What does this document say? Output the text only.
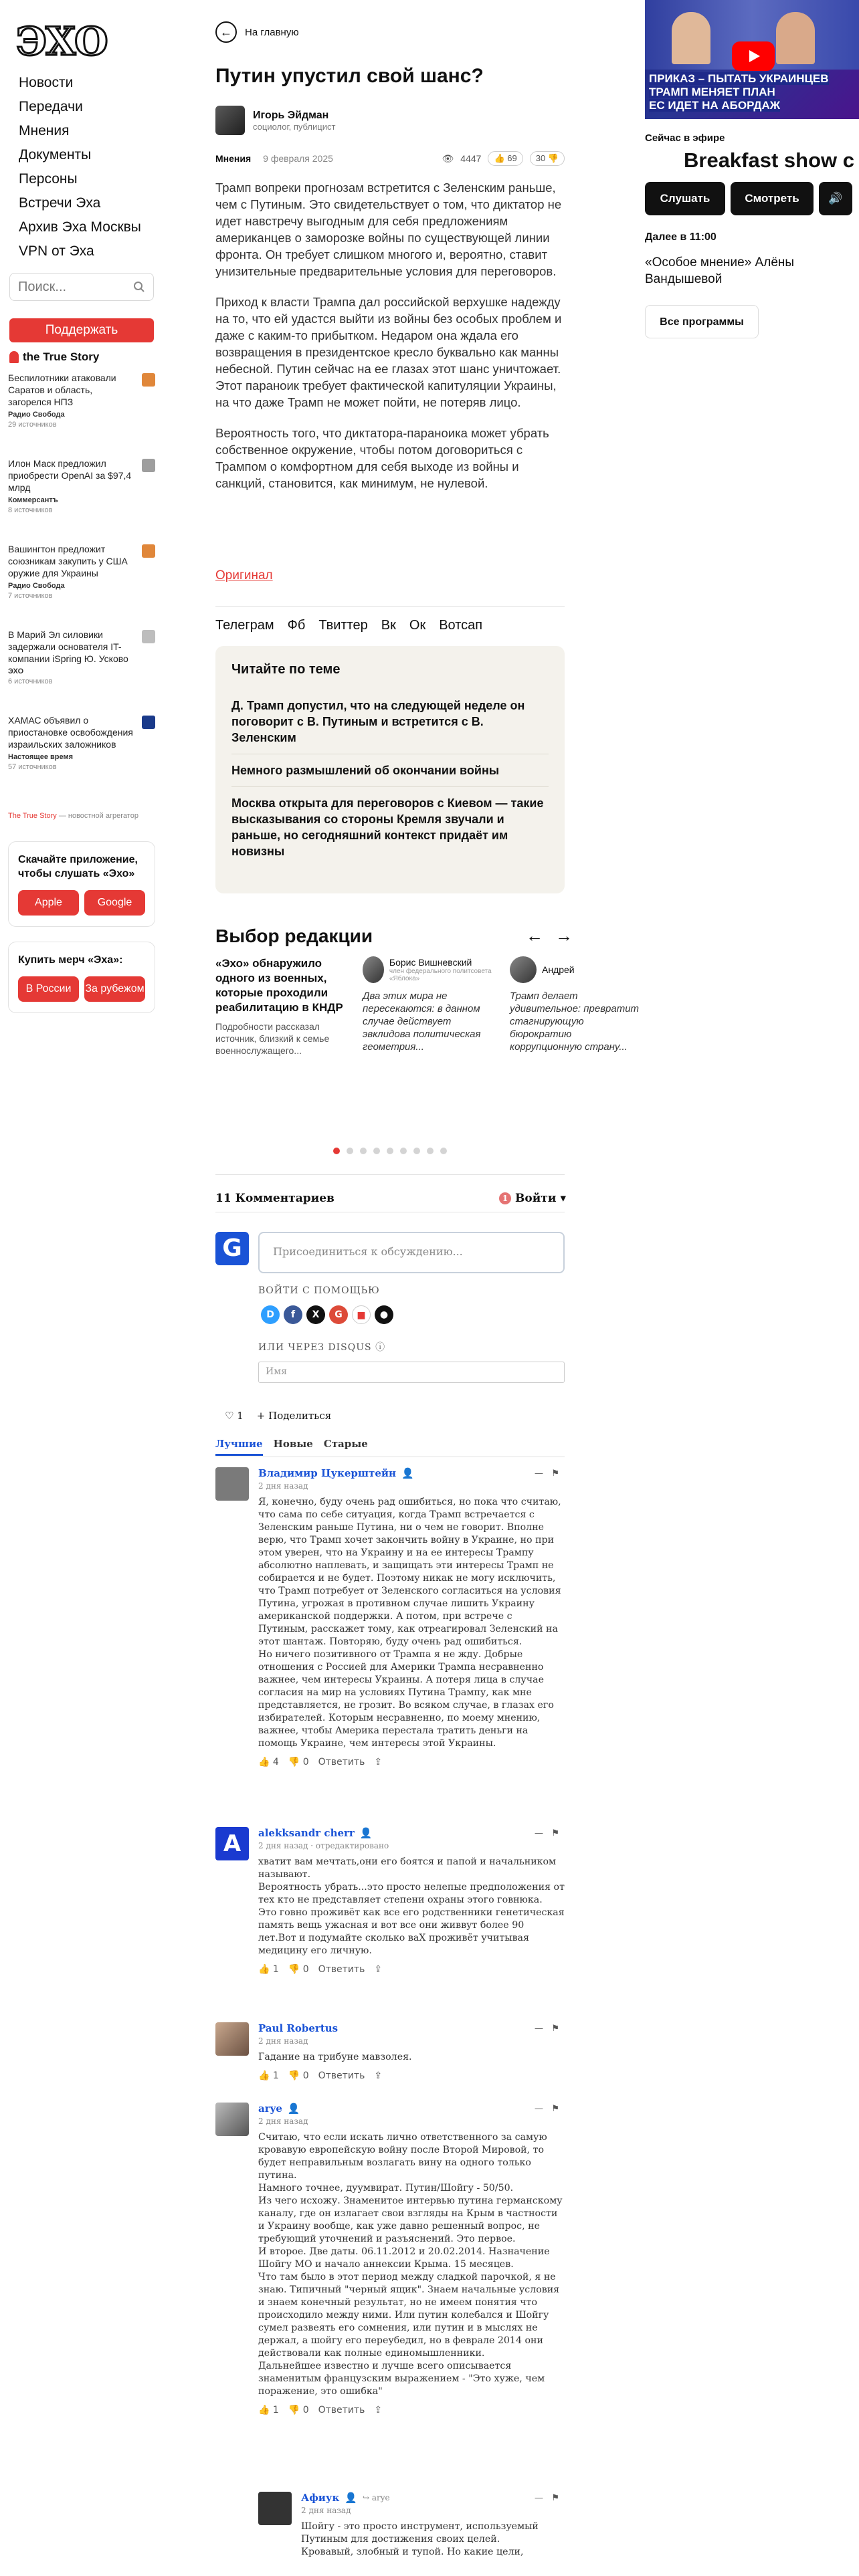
ЭХО
Новости
Передачи
Мнения
Документы
Персоны
Встречи Эха
Архив Эха Москвы
VPN от Эха
Поиск...
Поддержать
the True Story
Беспилотники атаковали Саратов и область, загорелся НПЗ
Радио Свобода
29 источников
Илон Маск предложил приобрести OpenAI за $97,4 млрд
Коммерсантъ
8 источников
Вашингтон предложит союзникам закупить у США оружие для Украины
Радио Свобода
7 источников
В Марий Эл силовики задержали основателя IT-компании iSpring Ю. Усково
ЭХО
6 источников
ХАМАС объявил о приостановке освобождения израильских заложников
Настоящее время
57 источников
The True Story — новостной агрегатор
Скачайте приложение, чтобы слушать «Эхо»
Apple	Google
Купить мерч «Эха»:
В России	За рубежом
←	На главную
Путин упустил свой шанс?
Игорь Эйдман
социолог, публицист
Мнения 9 февраля 2025	👁 4447	👍 69	30 👎

Трамп вопреки прогнозам встретится с Зеленским раньше, чем с Путиным. Это свидетельствует о том, что диктатор не идет навстречу выгодным для себя предложениям американцев о заморозке войны по существующей линии фронта. Он требует слишком многого и, вероятно, ставит унизительные предварительные условия для переговоров.

Приход к власти Трампа дал российской верхушке надежду на то, что ей удастся выйти из войны без особых проблем и даже с каким-то прибытком. Недаром она ждала его возвращения в президентское кресло буквально как манны небесной. Путин сейчас на ее глазах этот шанс уничтожает. Этот параноик требует фактической капитуляции Украины, на что даже Трамп не может пойти, не потеряв лицо.

Вероятность того, что диктатора-параноика может убрать собственное окружение, чтобы потом договориться с Трампом о комфортном для себя выходе из войны и санкций, становится, как минимум, не нулевой.

Оригинал
Телеграм Фб Твиттер Вк Ок Вотсап
Читайте по теме
Д. Трамп допустил, что на следующей неделе он поговорит с В. Путиным и встретится с В. Зеленским
Немного размышлений об окончании войны
Москва открыта для переговоров с Киевом — такие высказывания со стороны Кремля звучали и раньше, но сегодняшний контекст придаёт им новизны
Выбор редакции	← →
«Эхо» обнаружило одного из военных, которые проходили реабилитацию в КНДР
Подробности рассказал источник, близкий к семье военнослужащего...
Борис Вишневский
член федерального политсовета «Яблока»
Два этих мира не пересекаются: в данном случае действует эвклидова политическая геометрия...
Андрей
Трамп делает удивительное: превратит стагнирующую бюрократию коррупционную страну...
11 Комментариев	1 Войти ▾
G	Присоединиться к обсуждению...
ВОЙТИ С ПОМОЩЬЮ
D	f	X	G	■	●
ИЛИ ЧЕРЕЗ DISQUS ⓘ
Имя
♡ 1 + Поделиться
Лучшие Новые Старые
—   ⚑
Владимир Цукерштейн 👤
2 дня назад
Я, конечно, буду очень рад ошибиться, но пока что считаю, что сама по себе ситуация, когда Трамп встречается с Зеленским раньше Путина, ни о чем не говорит. Вполне верю, что Трамп хочет закончить войну в Украине, но при этом уверен, что на Украину и на ее интересы Трампу абсолютно наплевать, и защищать эти интересы Трамп не собирается и не будет. Поэтому никак не могу исключить, что Трамп потребует от Зеленского согласиться на условия Путина, угрожая в противном случае лишить Украину американской поддержки. А потом, при встрече с Путиным, расскажет тому, как отреагировал Зеленский на этот шантаж. Повторяю, буду очень рад ошибиться.
Но ничего позитивного от Трампа я не жду. Добрые отношения с Россией для Америки Трампа несравненно важнее, чем интересы Украины. А потеря лица в случае согласия на мир на условиях Путина Трампу, как мне представляется, не грозит. Во всяком случае, в глазах его избирателей. Которым несравненно, по моему мнению, важнее, чтобы Америка перестала тратить деньги на помощь Украине, чем интересы этой Украины.
👍 4 👎 0 Ответить ⇪
A	—   ⚑
alekksandr cherr 👤
2 дня назад · отредактировано
хватит вам мечтать,они его боятся и папой и начальником называют.
Вероятность убрать...это просто нелепые предположения от тех кто не представляет степени охраны этого говнюка.
Это говно проживёт как все его родственники генетическая память вещь ужасная и вот все они живвут более 90 лет.Вот и подумайте сколько ваХ проживёт учитывая медицину его личную.
👍 1 👎 0 Ответить ⇪
—   ⚑
Paul Robertus
2 дня назад
Гадание на трибуне мавзолея.
👍 1 👎 0 Ответить ⇪
—   ⚑
arye 👤
2 дня назад
Считаю, что если искать лично ответственного за самую кровавую европейскую войну после Второй Мировой, то будет неправильным возлагать вину на одного только путина.
Намного точнее, дуумвират. Путин/Шойгу - 50/50.
Из чего исхожу. Знаменитое интервью путина германскому каналу, где он излагает свои взгляды на Крым в частности и Украину вообще, как уже давно решенный вопрос, не требующий уточнений и разъяснений. Это первое.
И второе. Две даты. 06.11.2012 и 20.02.2014. Назначение Шойгу МО и начало аннексии Крыма. 15 месяцев.
Что там было в этот период между сладкой парочкой, я не знаю. Типичный "черный ящик". Знаем начальные условия и знаем конечный результат, но не имеем понятия что происходило между ними. Или путин колебался и Шойгу сумел развеять его сомнения, или путин и в мыслях не держал, а шойгу его переубедил, но в феврале 2014 они действовали как полные единомышленники.
Дальнейшее известно и лучше всего описывается знаменитым французским выражением - "Это хуже, чем поражение, это ошибка"
👍 1 👎 0 Ответить ⇪
—   ⚑
Афиук 👤 ↪ arye
2 дня назад
Шойгу - это просто инструмент, используемый Путиным для достижения своих целей.
Кровавый, злобный и тупой. Но какие цели,
ПРИКАЗ – ПЫТАТЬ УКРАИНЦЕВ
ТРАМП МЕНЯЕТ ПЛАН
ЕС ИДЕТ НА АБОРДАЖ
Сейчас в эфире
Breakfast show с
Слушать	Смотреть	🔊
Далее в 11:00
«Особое мнение» Алёны Вандышевой
Все программы
